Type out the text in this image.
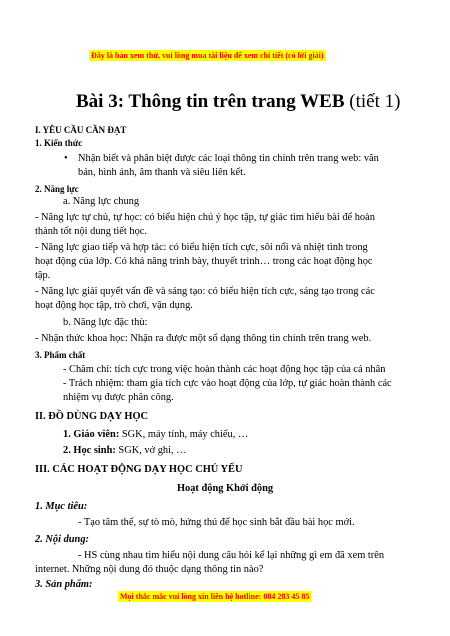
Đây là bản xem thử, vui lòng mua tài liệu để xem chi tiết (có lời giải)
Bài 3: Thông tin trên trang WEB (tiết 1)
I. YÊU CẦU CẦN ĐẠT
1. Kiến thức
• Nhận biết và phân biệt được các loại thông tin chính trên trang web: văn
bản, hình ảnh, âm thanh và siêu liên kết.
2. Năng lực
a. Năng lực chung
- Năng lực tự chủ, tự học: có biểu hiện chú ý học tập, tự giác tìm hiểu bài để hoàn
thành tốt nội dung tiết học.
- Năng lực giao tiếp và hợp tác: có biểu hiện tích cực, sôi nổi và nhiệt tình trong
hoạt động của lớp. Có khả năng trình bày, thuyết trình… trong các hoạt động học
tập.
- Năng lực giải quyết vấn đề và sáng tạo: có biểu hiện tích cực, sáng tạo trong các
hoạt động học tập, trò chơi, vận dụng.
b. Năng lực đặc thù:
- Nhận thức khoa học: Nhận ra được một số dạng thông tin chính trên trang web.
3. Phẩm chất
- Chăm chỉ: tích cực trong việc hoàn thành các hoạt động học tập của cá nhân
- Trách nhiệm: tham gia tích cực vào hoạt động của lớp, tự giác hoàn thành các
nhiệm vụ được phân công.
II. ĐỒ DÙNG DẠY HỌC
1. Giáo viên: SGK, máy tính, máy chiếu, …
2. Học sinh: SGK, vở ghi, …
III. CÁC HOẠT ĐỘNG DẠY HỌC CHỦ YẾU
Hoạt động Khởi động
1. Mục tiêu:
- Tạo tâm thế, sự tò mò, hứng thú để học sinh bắt đầu bài học mới.
2. Nội dung:
- HS cùng nhau tìm hiểu nội dung câu hỏi kể lại những gì em đã xem trên
internet. Những nội dung đó thuộc dạng thông tin nào?
3. Sản phẩm:
Mọi thắc mắc vui lòng xin liên hệ hotline: 084 283 45 85
